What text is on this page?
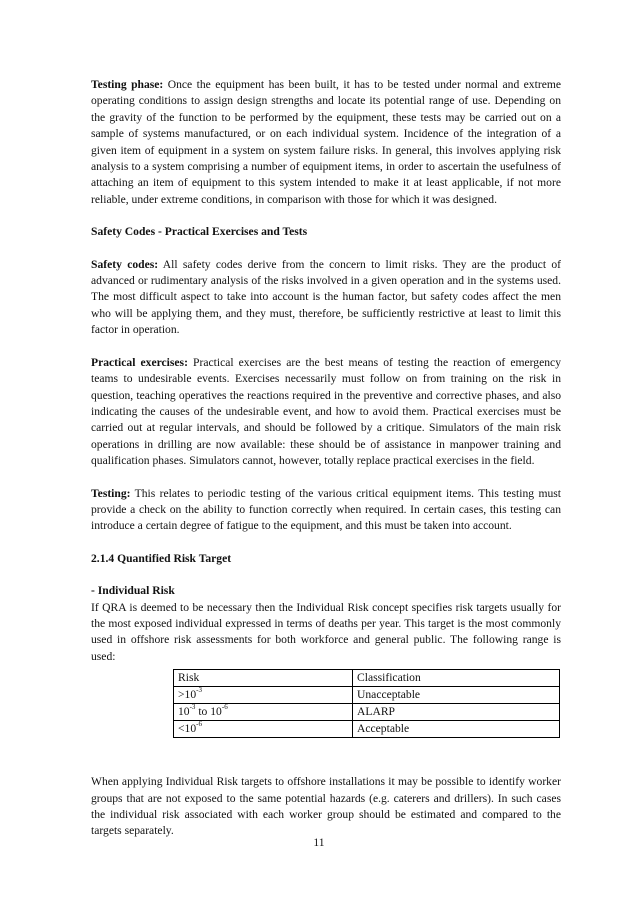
Testing phase: Once the equipment has been built, it has to be tested under normal and extreme operating conditions to assign design strengths and locate its potential range of use. Depending on the gravity of the function to be performed by the equipment, these tests may be carried out on a sample of systems manufactured, or on each individual system. Incidence of the integration of a given item of equipment in a system on system failure risks. In general, this involves applying risk analysis to a system comprising a number of equipment items, in order to ascertain the usefulness of attaching an item of equipment to this system intended to make it at least applicable, if not more reliable, under extreme conditions, in comparison with those for which it was designed.

Safety Codes - Practical Exercises and Tests

Safety codes: All safety codes derive from the concern to limit risks. They are the product of advanced or rudimentary analysis of the risks involved in a given operation and in the systems used. The most difficult aspect to take into account is the human factor, but safety codes affect the men who will be applying them, and they must, therefore, be sufficiently restrictive at least to limit this factor in operation.

Practical exercises: Practical exercises are the best means of testing the reaction of emergency teams to undesirable events. Exercises necessarily must follow on from training on the risk in question, teaching operatives the reactions required in the preventive and corrective phases, and also indicating the causes of the undesirable event, and how to avoid them. Practical exercises must be carried out at regular intervals, and should be followed by a critique. Simulators of the main risk operations in drilling are now available: these should be of assistance in manpower training and qualification phases. Simulators cannot, however, totally replace practical exercises in the field.

Testing: This relates to periodic testing of the various critical equipment items. This testing must provide a check on the ability to function correctly when required. In certain cases, this testing can introduce a certain degree of fatigue to the equipment, and this must be taken into account.

2.1.4 Quantified Risk Target

- Individual Risk

If QRA is deemed to be necessary then the Individual Risk concept specifies risk targets usually for the most exposed individual expressed in terms of deaths per year. This target is the most commonly used in offshore risk assessments for both workforce and general public. The following range is used:

Risk	Classification
$>10^{-3}$	Unacceptable
$10^{-3}$ to $10^{-6}$	ALARP
$<10^{-6}$	Acceptable

When applying Individual Risk targets to offshore installations it may be possible to identify worker groups that are not exposed to the same potential hazards (e.g. caterers and drillers). In such cases the individual risk associated with each worker group should be estimated and compared to the targets separately.

11
